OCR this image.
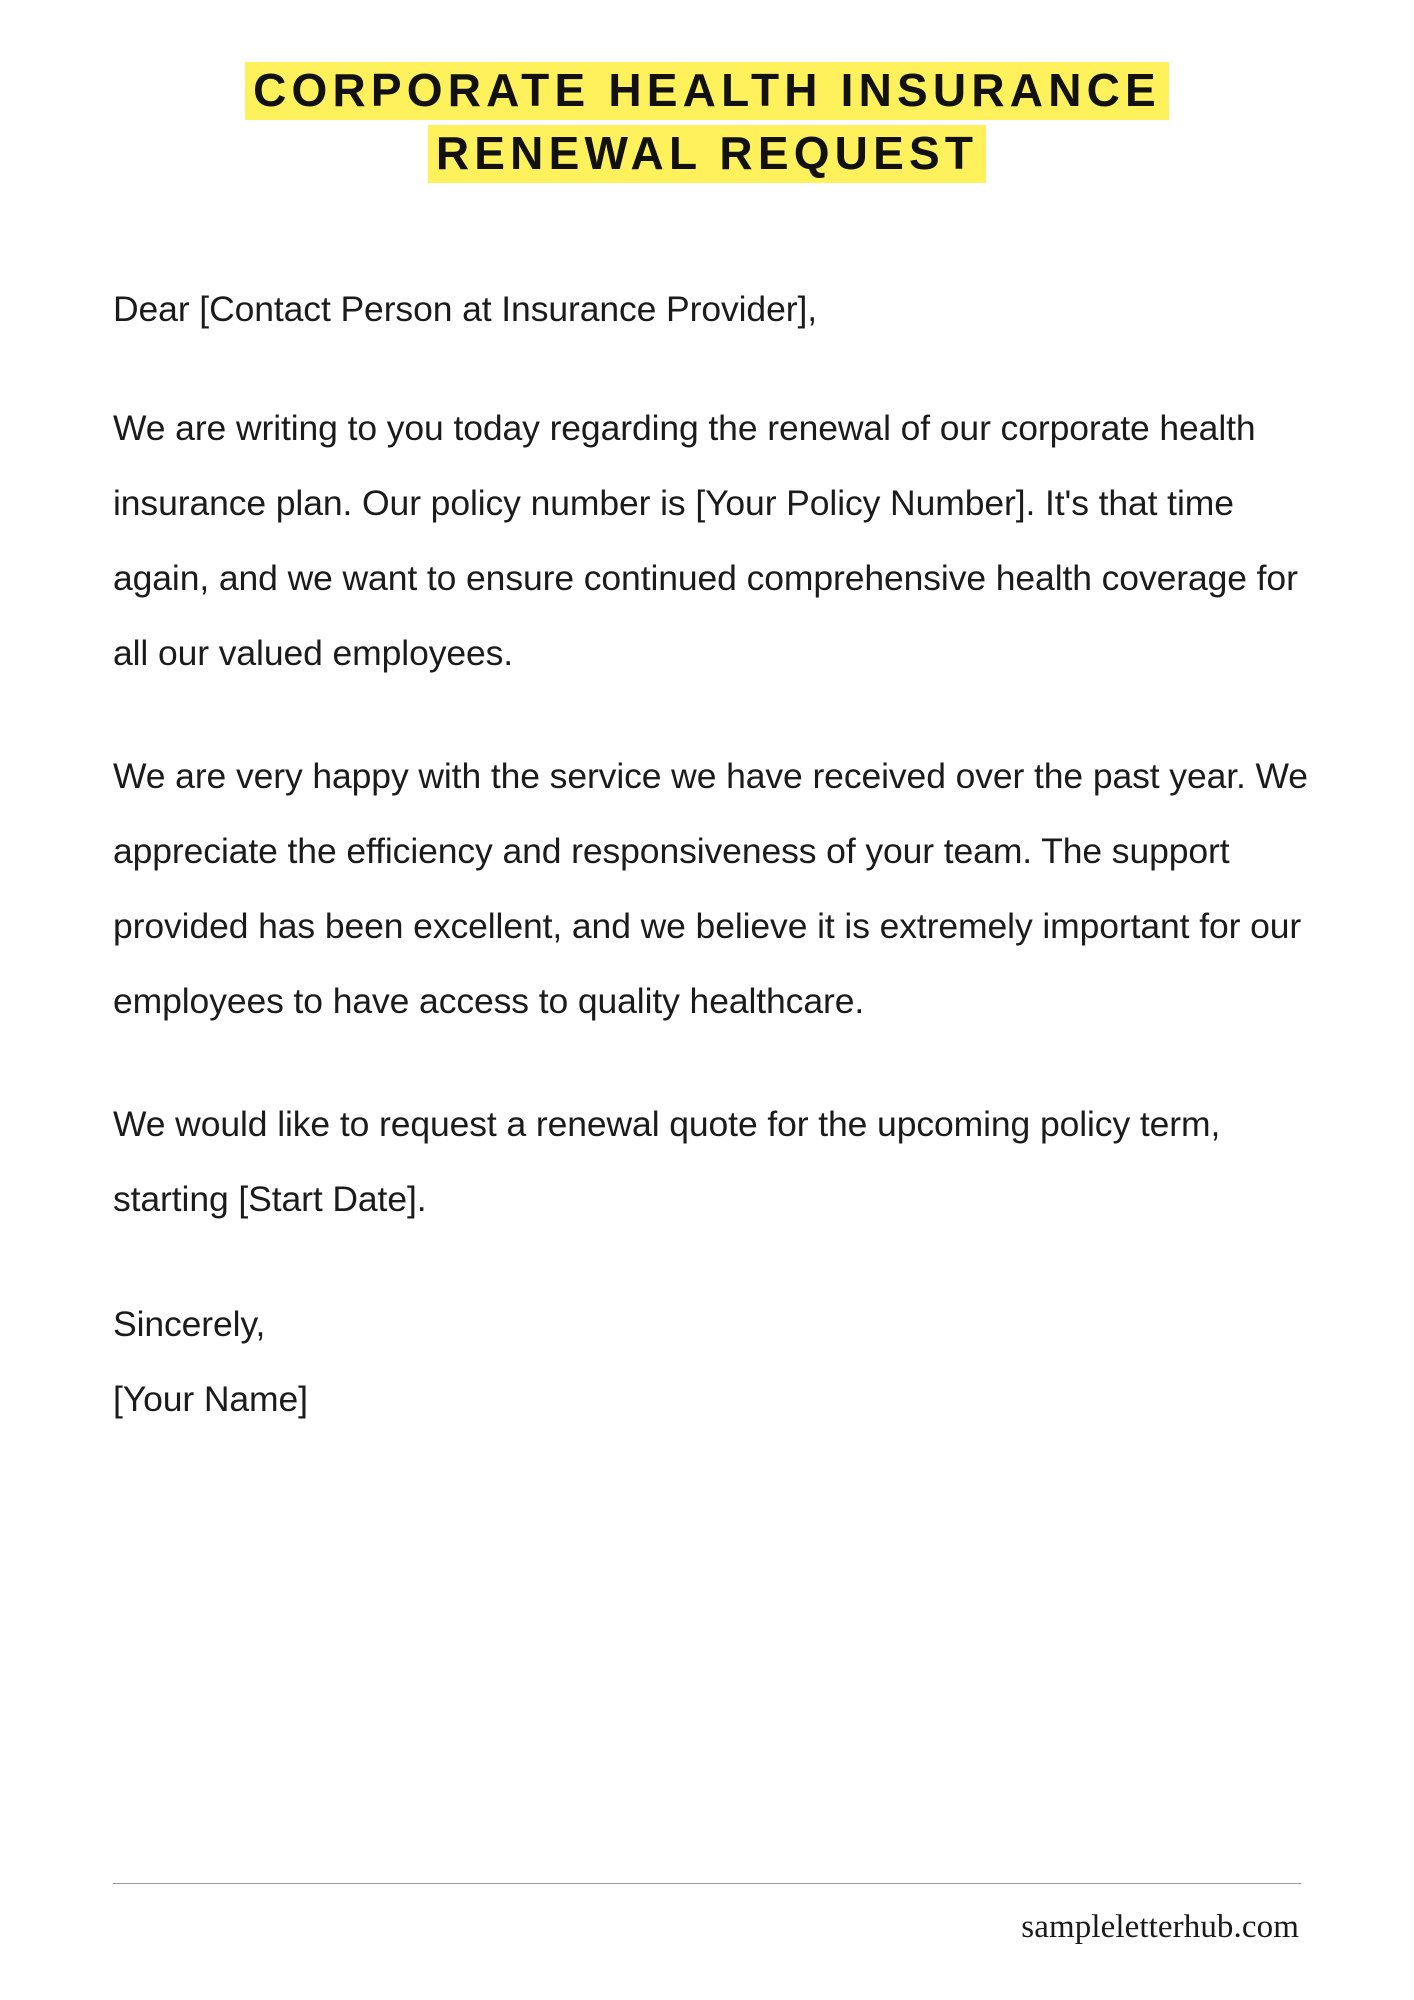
CORPORATE HEALTH INSURANCE
RENEWAL REQUEST

Dear [Contact Person at Insurance Provider],

We are writing to you today regarding the renewal of our corporate health insurance plan. Our policy number is [Your Policy Number]. It's that time again, and we want to ensure continued comprehensive health coverage for all our valued employees.

We are very happy with the service we have received over the past year. We appreciate the efficiency and responsiveness of your team. The support provided has been excellent, and we believe it is extremely important for our employees to have access to quality healthcare.

We would like to request a renewal quote for the upcoming policy term, starting [Start Date].

Sincerely,

[Your Name]

sampleletterhub.com
